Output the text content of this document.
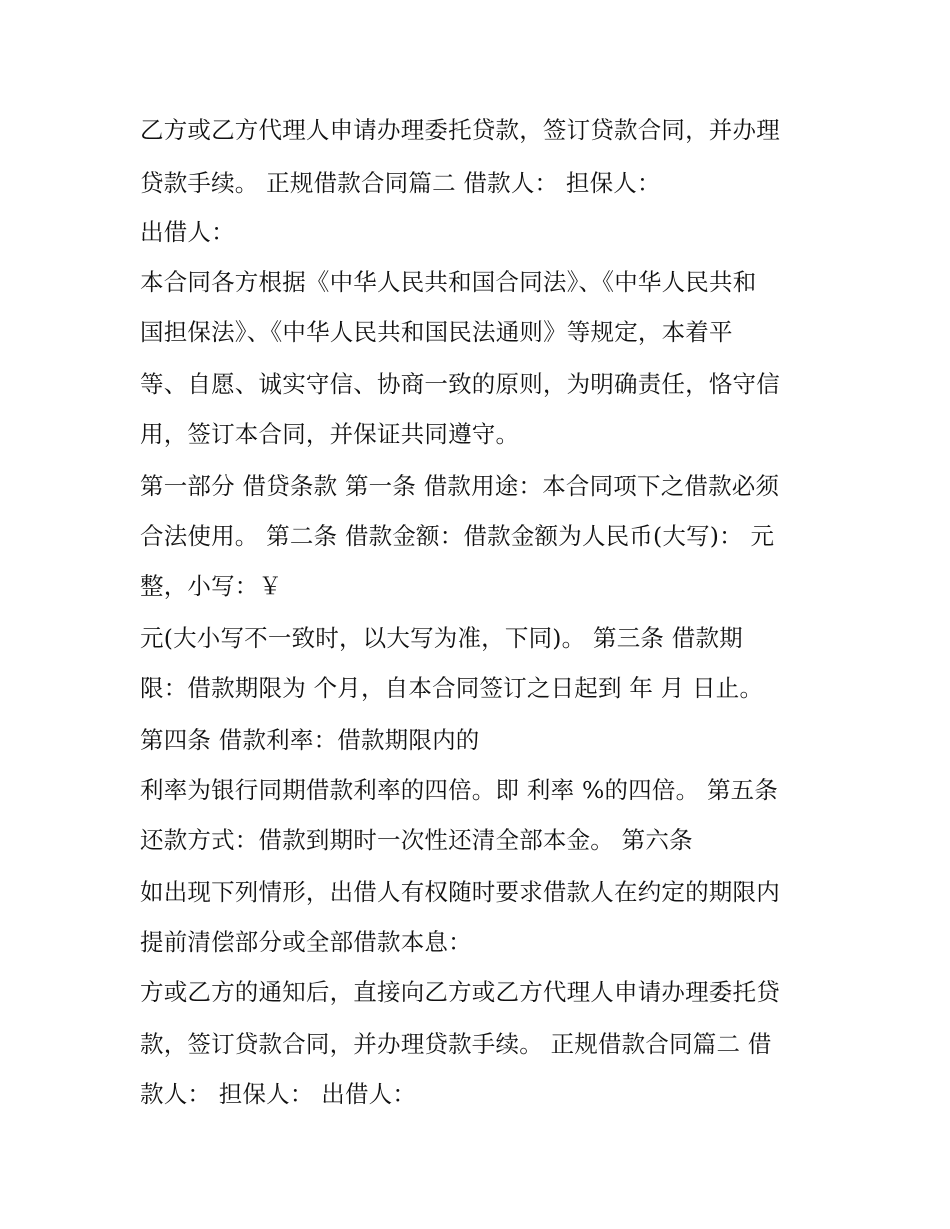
乙方或乙方代理人申请办理委托贷款，签订贷款合同，并办理
贷款手续。 正规借款合同篇二 借款人： 担保人：
出借人：
本合同各方根据《中华人民共和国合同法》、《中华人民共和
国担保法》、《中华人民共和国民法通则》等规定，本着平
等、自愿、诚实守信、协商一致的原则，为明确责任，恪守信
用，签订本合同，并保证共同遵守。
第一部分 借贷条款 第一条 借款用途：本合同项下之借款必须
合法使用。 第二条 借款金额：借款金额为人民币(大写)： 元
整，小写：￥
元(大小写不一致时，以大写为准，下同)。 第三条 借款期
限：借款期限为 个月，自本合同签订之日起到 年 月 日止。
第四条 借款利率：借款期限内的
利率为银行同期借款利率的四倍。即 利率 %的四倍。 第五条
还款方式：借款到期时一次性还清全部本金。 第六条
如出现下列情形，出借人有权随时要求借款人在约定的期限内
提前清偿部分或全部借款本息：
方或乙方的通知后，直接向乙方或乙方代理人申请办理委托贷
款，签订贷款合同，并办理贷款手续。 正规借款合同篇二 借
款人： 担保人： 出借人：
